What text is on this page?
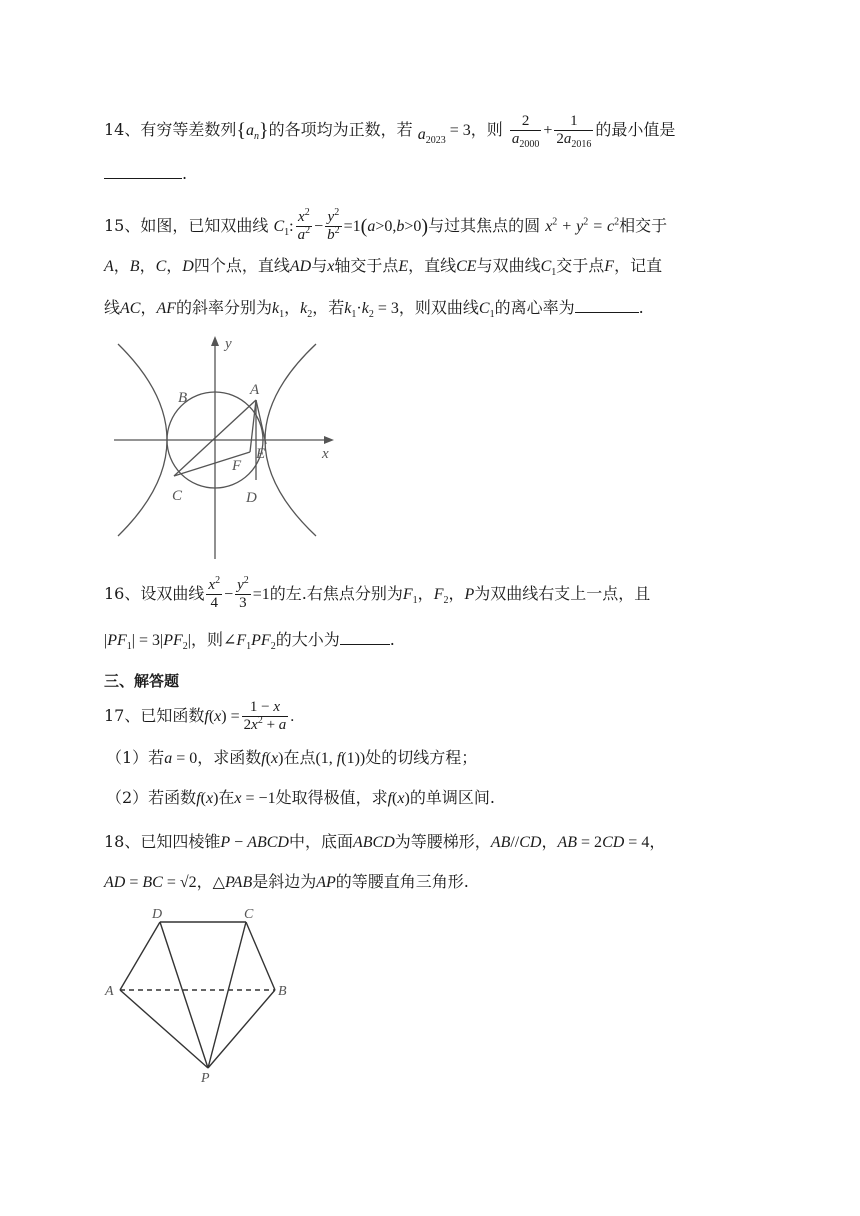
14、有穷等差数列$\{a_n\}$的各项均为正数，若 $a_{2023} = 3$，则 $\frac{2}{a_{2000}} + \frac{1}{2a_{2016}}$ 的最小值是
.
15、如图，已知双曲线 $C_1$: $\frac{x^2}{a^2} - \frac{y^2}{b^2} =1(a>0,b>0)$与过其焦点的圆 $x^2 + y^2 = c^2$相交于
A，B，C，D四个点，直线AD与x轴交于点E，直线CE与双曲线$C_1$交于点F，记直
线AC，AF的斜率分别为$k_1$，$k_2$，若$k_1\cdot k_2 = 3$，则双曲线$C_1$的离心率为	.
y
x
A
B
C	D
E
F
16、设双曲线 $\frac{x^2}{4} - \frac{y^2}{3} =1$的左.右焦点分别为$F_1$，$F_2$，P为双曲线右支上一点，且
$|PF_1| = 3|PF_2|$，则$\angle F_1PF_2$的大小为	.
三、解答题
17、已知函数$f(x) = \frac{1 - x}{2x^2 + a}$ .
（1）若a = 0，求函数f(x)在点(1, f(1))处的切线方程；
（2）若函数f(x)在x = −1处取得极值，求f(x)的单调区间.
18、已知四棱锥P − ABCD中，底面ABCD为等腰梯形，AB//CD，AB = 2CD = 4，
AD = BC = √2，△PAB是斜边为AP的等腰直角三角形.
D	C
A	B
P
